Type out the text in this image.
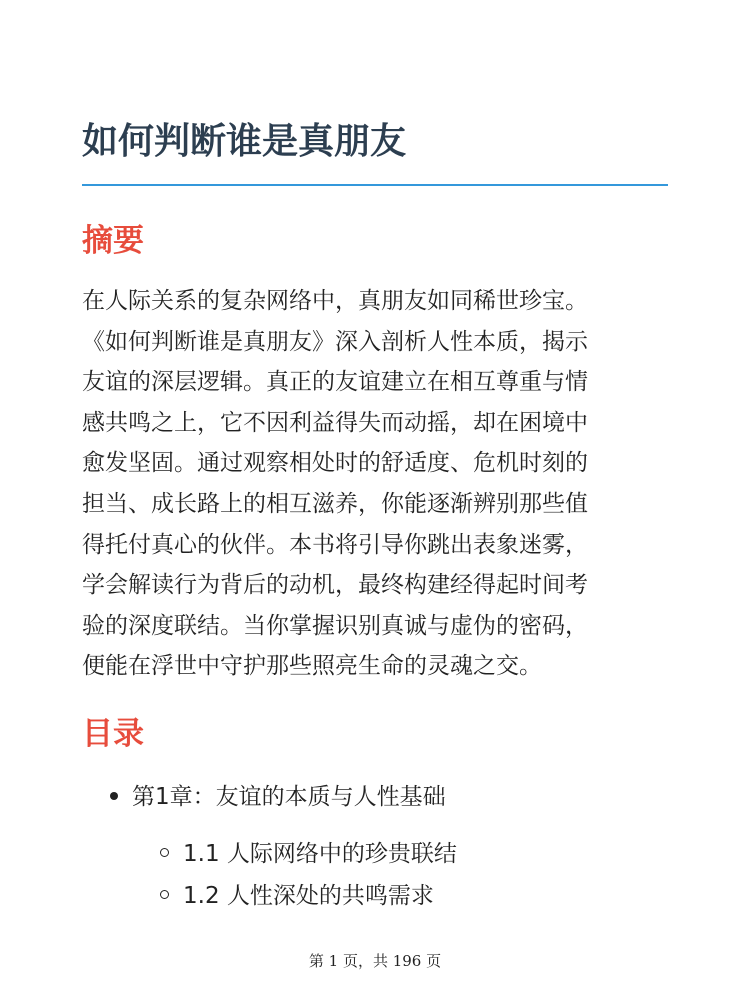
如何判断谁是真朋友
摘要
在人际关系的复杂网络中，真朋友如同稀世珍宝。
《如何判断谁是真朋友》深入剖析人性本质，揭示
友谊的深层逻辑。真正的友谊建立在相互尊重与情
感共鸣之上，它不因利益得失而动摇，却在困境中
愈发坚固。通过观察相处时的舒适度、危机时刻的
担当、成长路上的相互滋养，你能逐渐辨别那些值
得托付真心的伙伴。本书将引导你跳出表象迷雾，
学会解读行为背后的动机，最终构建经得起时间考
验的深度联结。当你掌握识别真诚与虚伪的密码，
便能在浮世中守护那些照亮生命的灵魂之交。
目录
第1章：友谊的本质与人性基础
1.1 人际网络中的珍贵联结
1.2 人性深处的共鸣需求
第 1 页，共 196 页
